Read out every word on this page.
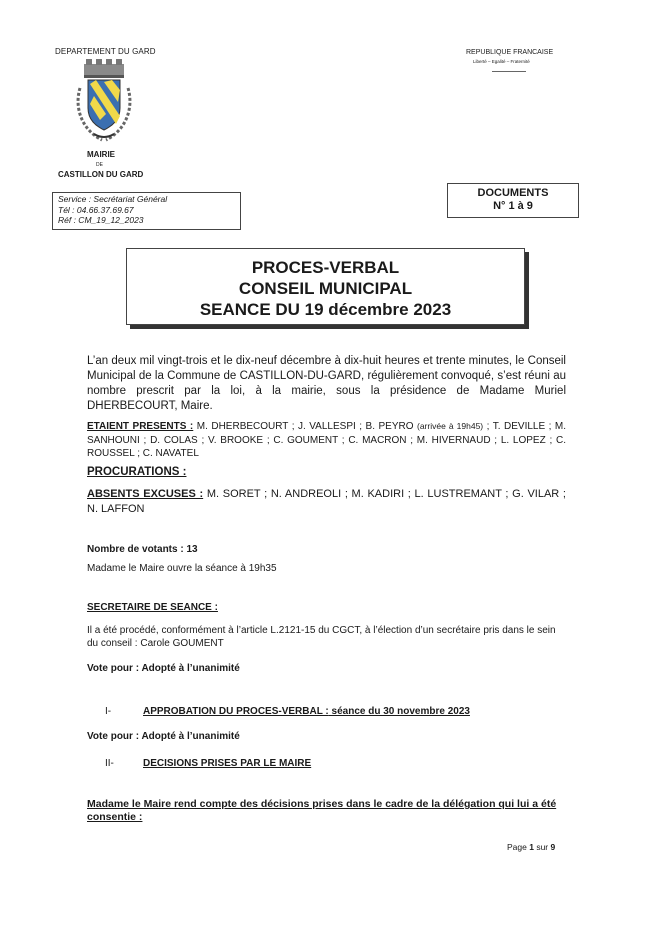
DEPARTEMENT DU GARD
MAIRIE
DE
CASTILLON DU GARD
REPUBLIQUE FRANCAISE
Liberté – Egalité – Fraternité
Service : Secrétariat Général
Tél : 04.66.37.69.67
Réf : CM_19_12_2023
DOCUMENTS
N° 1 à 9
PROCES-VERBAL
CONSEIL MUNICIPAL
SEANCE DU 19 décembre 2023
L’an deux mil vingt-trois et le dix-neuf décembre à dix-huit heures et trente minutes, le Conseil Municipal de la Commune de CASTILLON-DU-GARD, régulièrement convoqué, s’est réuni au nombre prescrit par la loi, à la mairie, sous la présidence de Madame Muriel DHERBECOURT, Maire.
ETAIENT PRESENTS : M. DHERBECOURT ; J. VALLESPI ; B. PEYRO (arrivée à 19h45) ; T. DEVILLE ; M. SANHOUNI ; D. COLAS ; V. BROOKE ; C. GOUMENT ; C. MACRON ; M. HIVERNAUD ; L. LOPEZ ; C. ROUSSEL ; C. NAVATEL
PROCURATIONS :
ABSENTS EXCUSES : M. SORET ; N. ANDREOLI ; M. KADIRI ; L. LUSTREMANT ; G. VILAR ; N. LAFFON
Nombre de votants : 13
Madame le Maire ouvre la séance à 19h35
SECRETAIRE DE SEANCE :
Il a été procédé, conformément à l’article L.2121-15 du CGCT, à l’élection d’un secrétaire pris dans le sein du conseil : Carole GOUMENT
Vote pour : Adopté à l’unanimité
I-	APPROBATION DU PROCES-VERBAL : séance du 30 novembre 2023
Vote pour : Adopté à l’unanimité
II-	DECISIONS PRISES PAR LE MAIRE
Madame le Maire rend compte des décisions prises dans le cadre de la délégation qui lui a été consentie :
Page 1 sur 9
